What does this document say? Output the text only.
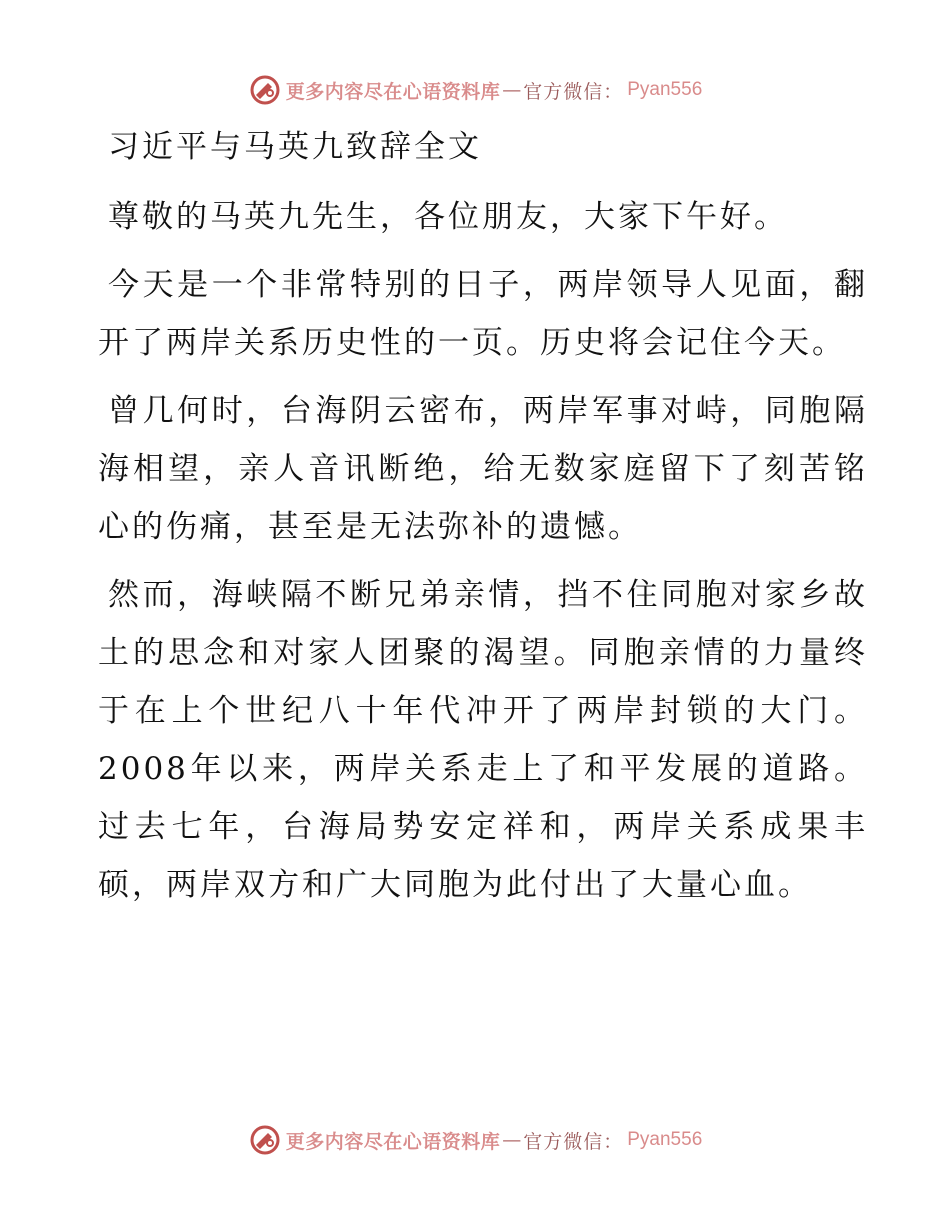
更多内容尽在心语资料库 — 官方微信： Pyan556
习近平与马英九致辞全文

尊敬的马英九先生，各位朋友，大家下午好。

今天是一个非常特别的日子，两岸领导人见面，翻开了两岸关系历史性的一页。历史将会记住今天。

曾几何时，台海阴云密布，两岸军事对峙，同胞隔海相望，亲人音讯断绝，给无数家庭留下了刻苦铭心的伤痛，甚至是无法弥补的遗憾。

然而，海峡隔不断兄弟亲情，挡不住同胞对家乡故土的思念和对家人团聚的渴望。同胞亲情的力量终于在上个世纪八十年代冲开了两岸封锁的大门。2008年以来，两岸关系走上了和平发展的道路。过去七年，台海局势安定祥和，两岸关系成果丰硕，两岸双方和广大同胞为此付出了大量心血。

更多内容尽在心语资料库 — 官方微信： Pyan556
